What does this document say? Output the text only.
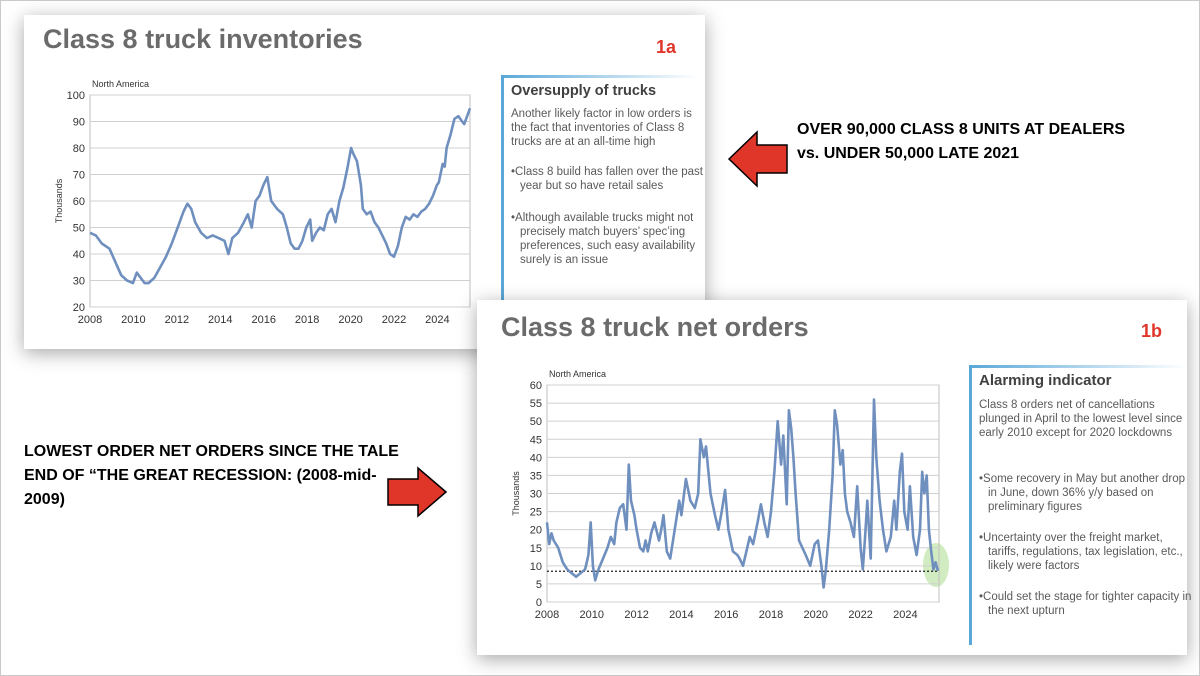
Class 8 truck inventories	1a
20
30
40
50
60
70
80
90
100
2008 2010 2012 2014 2016 2018 2020 2022 2024
Thousands
North America	Oversupply of trucks
Another likely factor in low orders is the fact that inventories of Class 8 trucks are at an all-time high
•Class 8 build has fallen over the past year but so have retail sales
•Although available trucks might not precisely match buyers’ spec’ing preferences, such easy availability surely is an issue
Class 8 truck net orders	1b
0
5
10
15
20
25
30
35
40
45
50
55
60
2008 2010 2012 2014 2016 2018 2020 2022 2024
Thousands
North America	Alarming indicator
Class 8 orders net of cancellations plunged in April to the lowest level since early 2010 except for 2020 lockdowns
•Some recovery in May but another drop in June, down 36% y/y based on preliminary figures
•Uncertainty over the freight market, tariffs, regulations, tax legislation, etc., likely were factors
•Could set the stage for tighter capacity in the next upturn
OVER 90,000 CLASS 8 UNITS AT DEALERS vs. UNDER 50,000 LATE 2021
LOWEST ORDER NET ORDERS SINCE THE TALE END OF “THE GREAT RECESSION: (2008-mid-2009)
